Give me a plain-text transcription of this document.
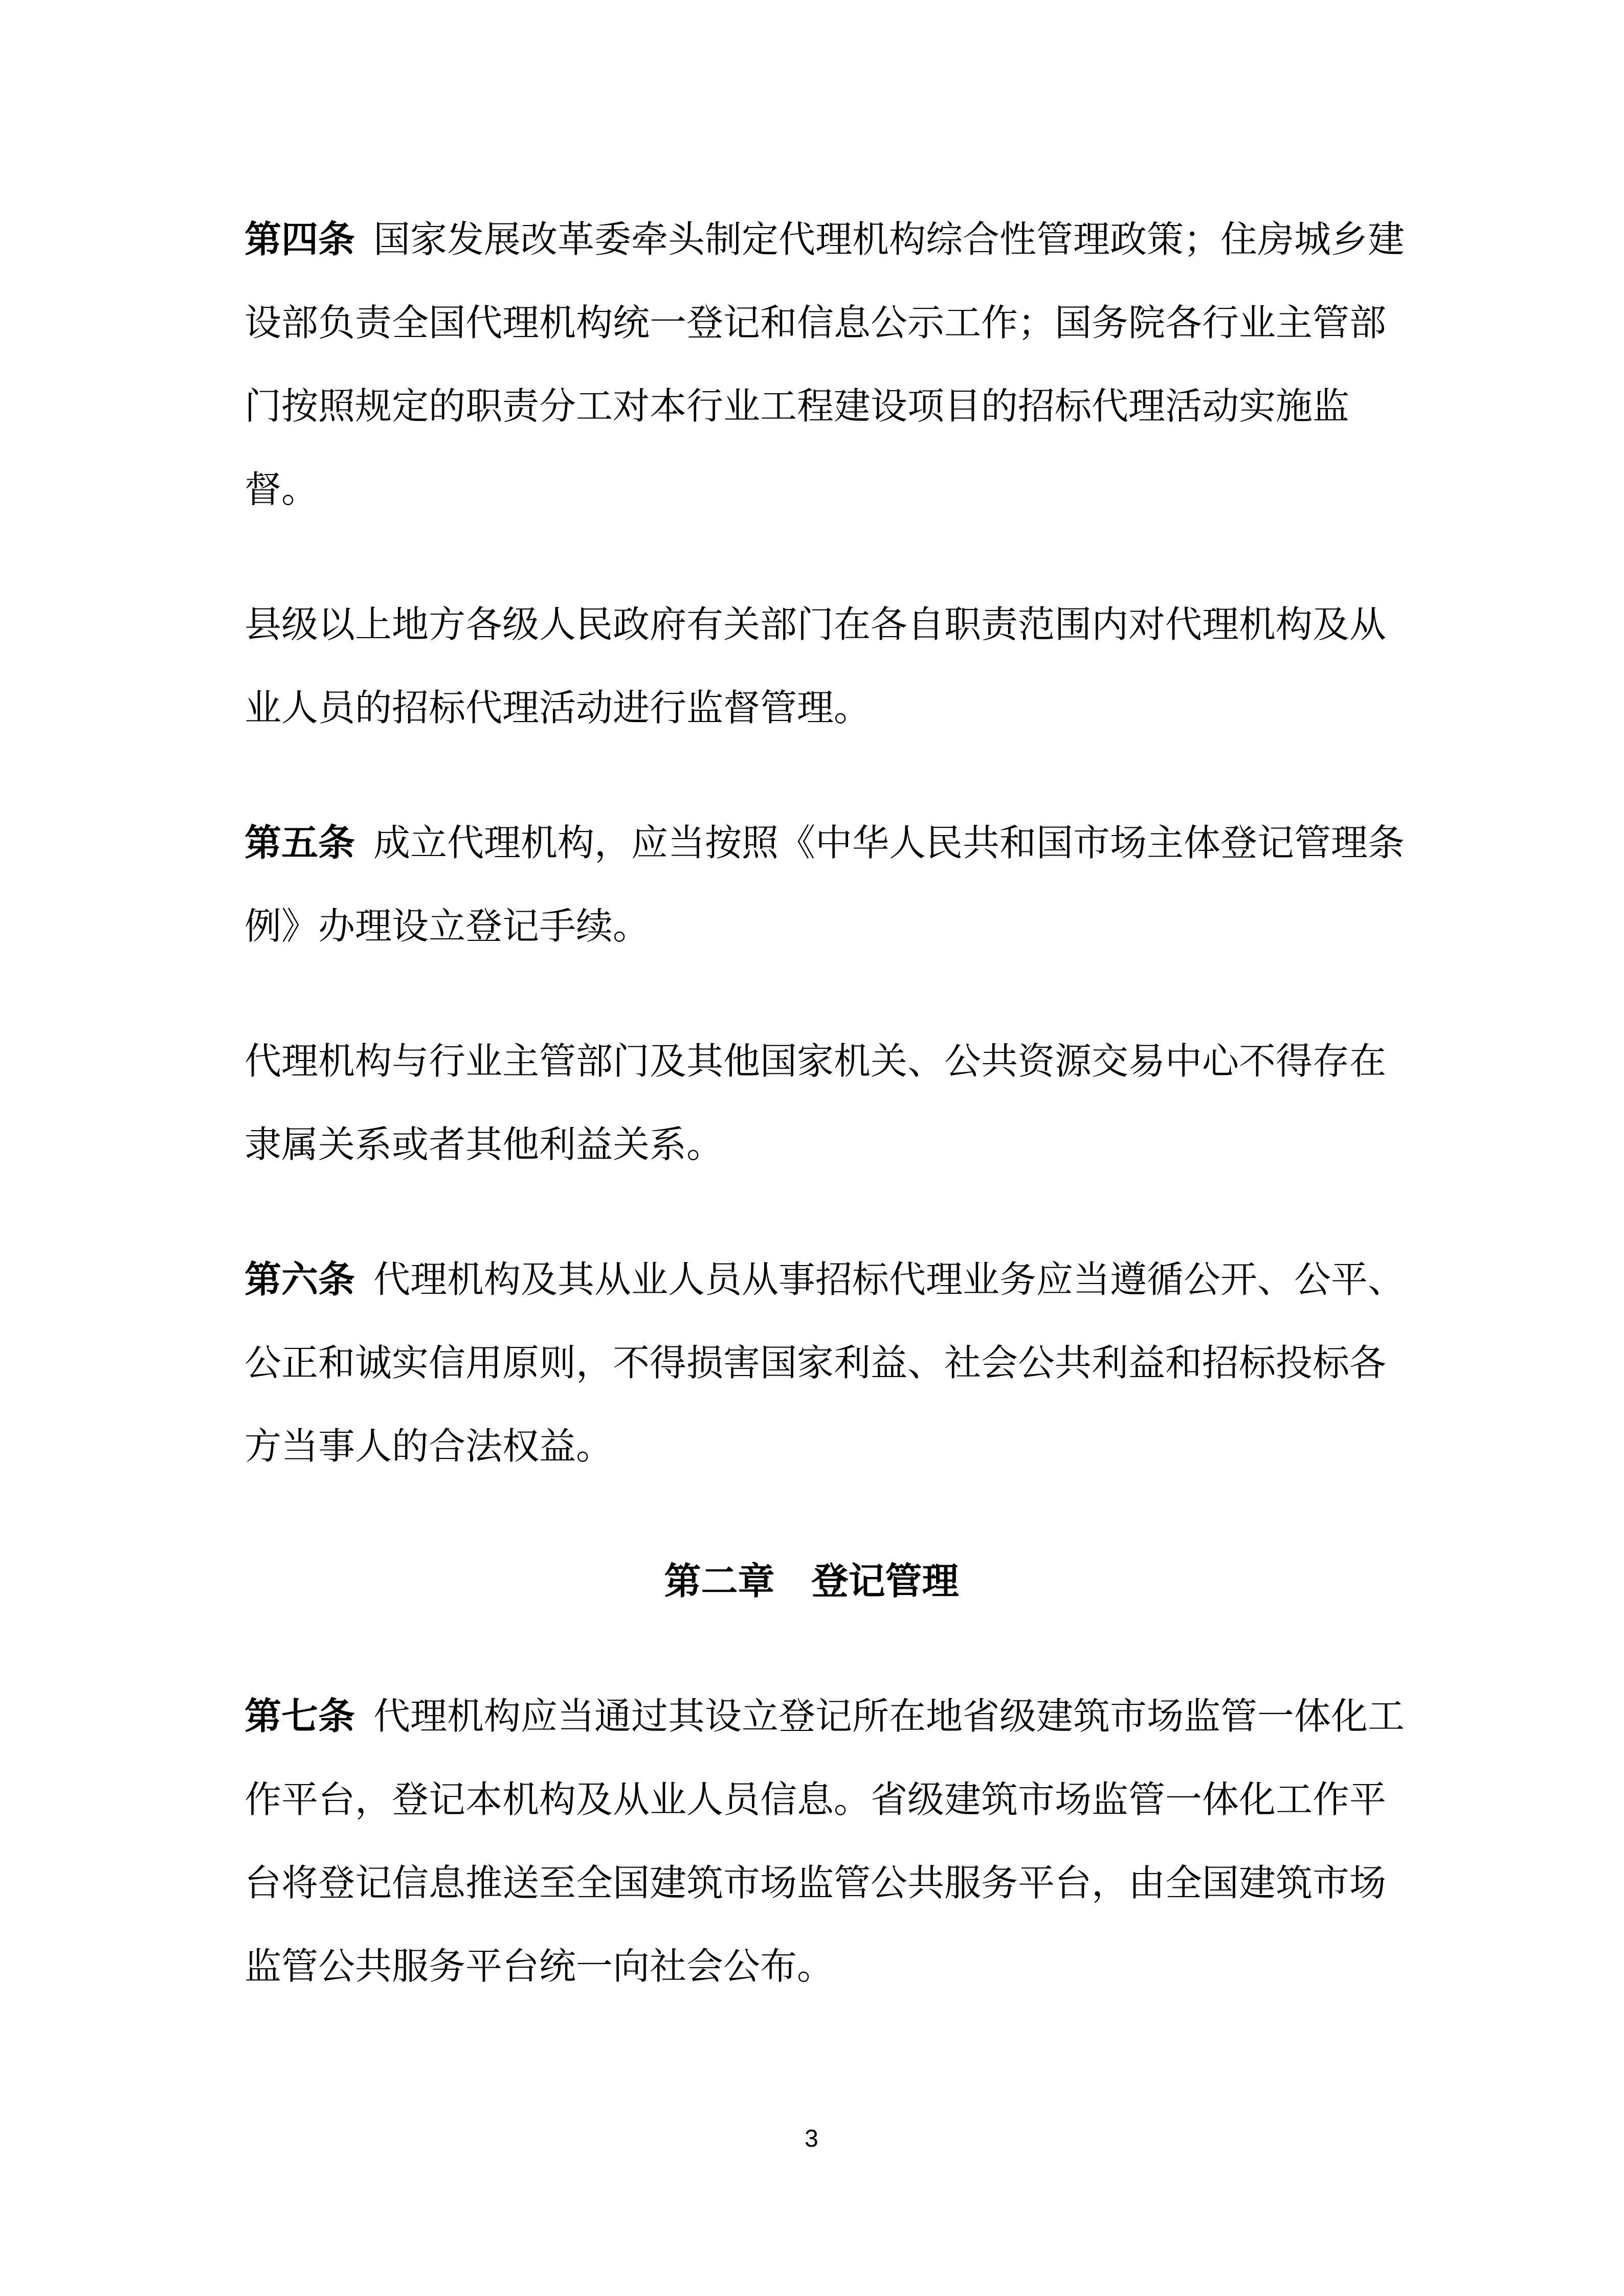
第四条 国家发展改革委牵头制定代理机构综合性管理政策；住房城乡建
设部负责全国代理机构统一登记和信息公示工作；国务院各行业主管部
门按照规定的职责分工对本行业工程建设项目的招标代理活动实施监
督。
县级以上地方各级人民政府有关部门在各自职责范围内对代理机构及从
业人员的招标代理活动进行监督管理。
第五条 成立代理机构，应当按照《中华人民共和国市场主体登记管理条
例》办理设立登记手续。
代理机构与行业主管部门及其他国家机关、公共资源交易中心不得存在
隶属关系或者其他利益关系。
第六条 代理机构及其从业人员从事招标代理业务应当遵循公开、公平、
公正和诚实信用原则，不得损害国家利益、社会公共利益和招标投标各
方当事人的合法权益。
第二章　登记管理
第七条 代理机构应当通过其设立登记所在地省级建筑市场监管一体化工
作平台，登记本机构及从业人员信息。省级建筑市场监管一体化工作平
台将登记信息推送至全国建筑市场监管公共服务平台，由全国建筑市场
监管公共服务平台统一向社会公布。
3
